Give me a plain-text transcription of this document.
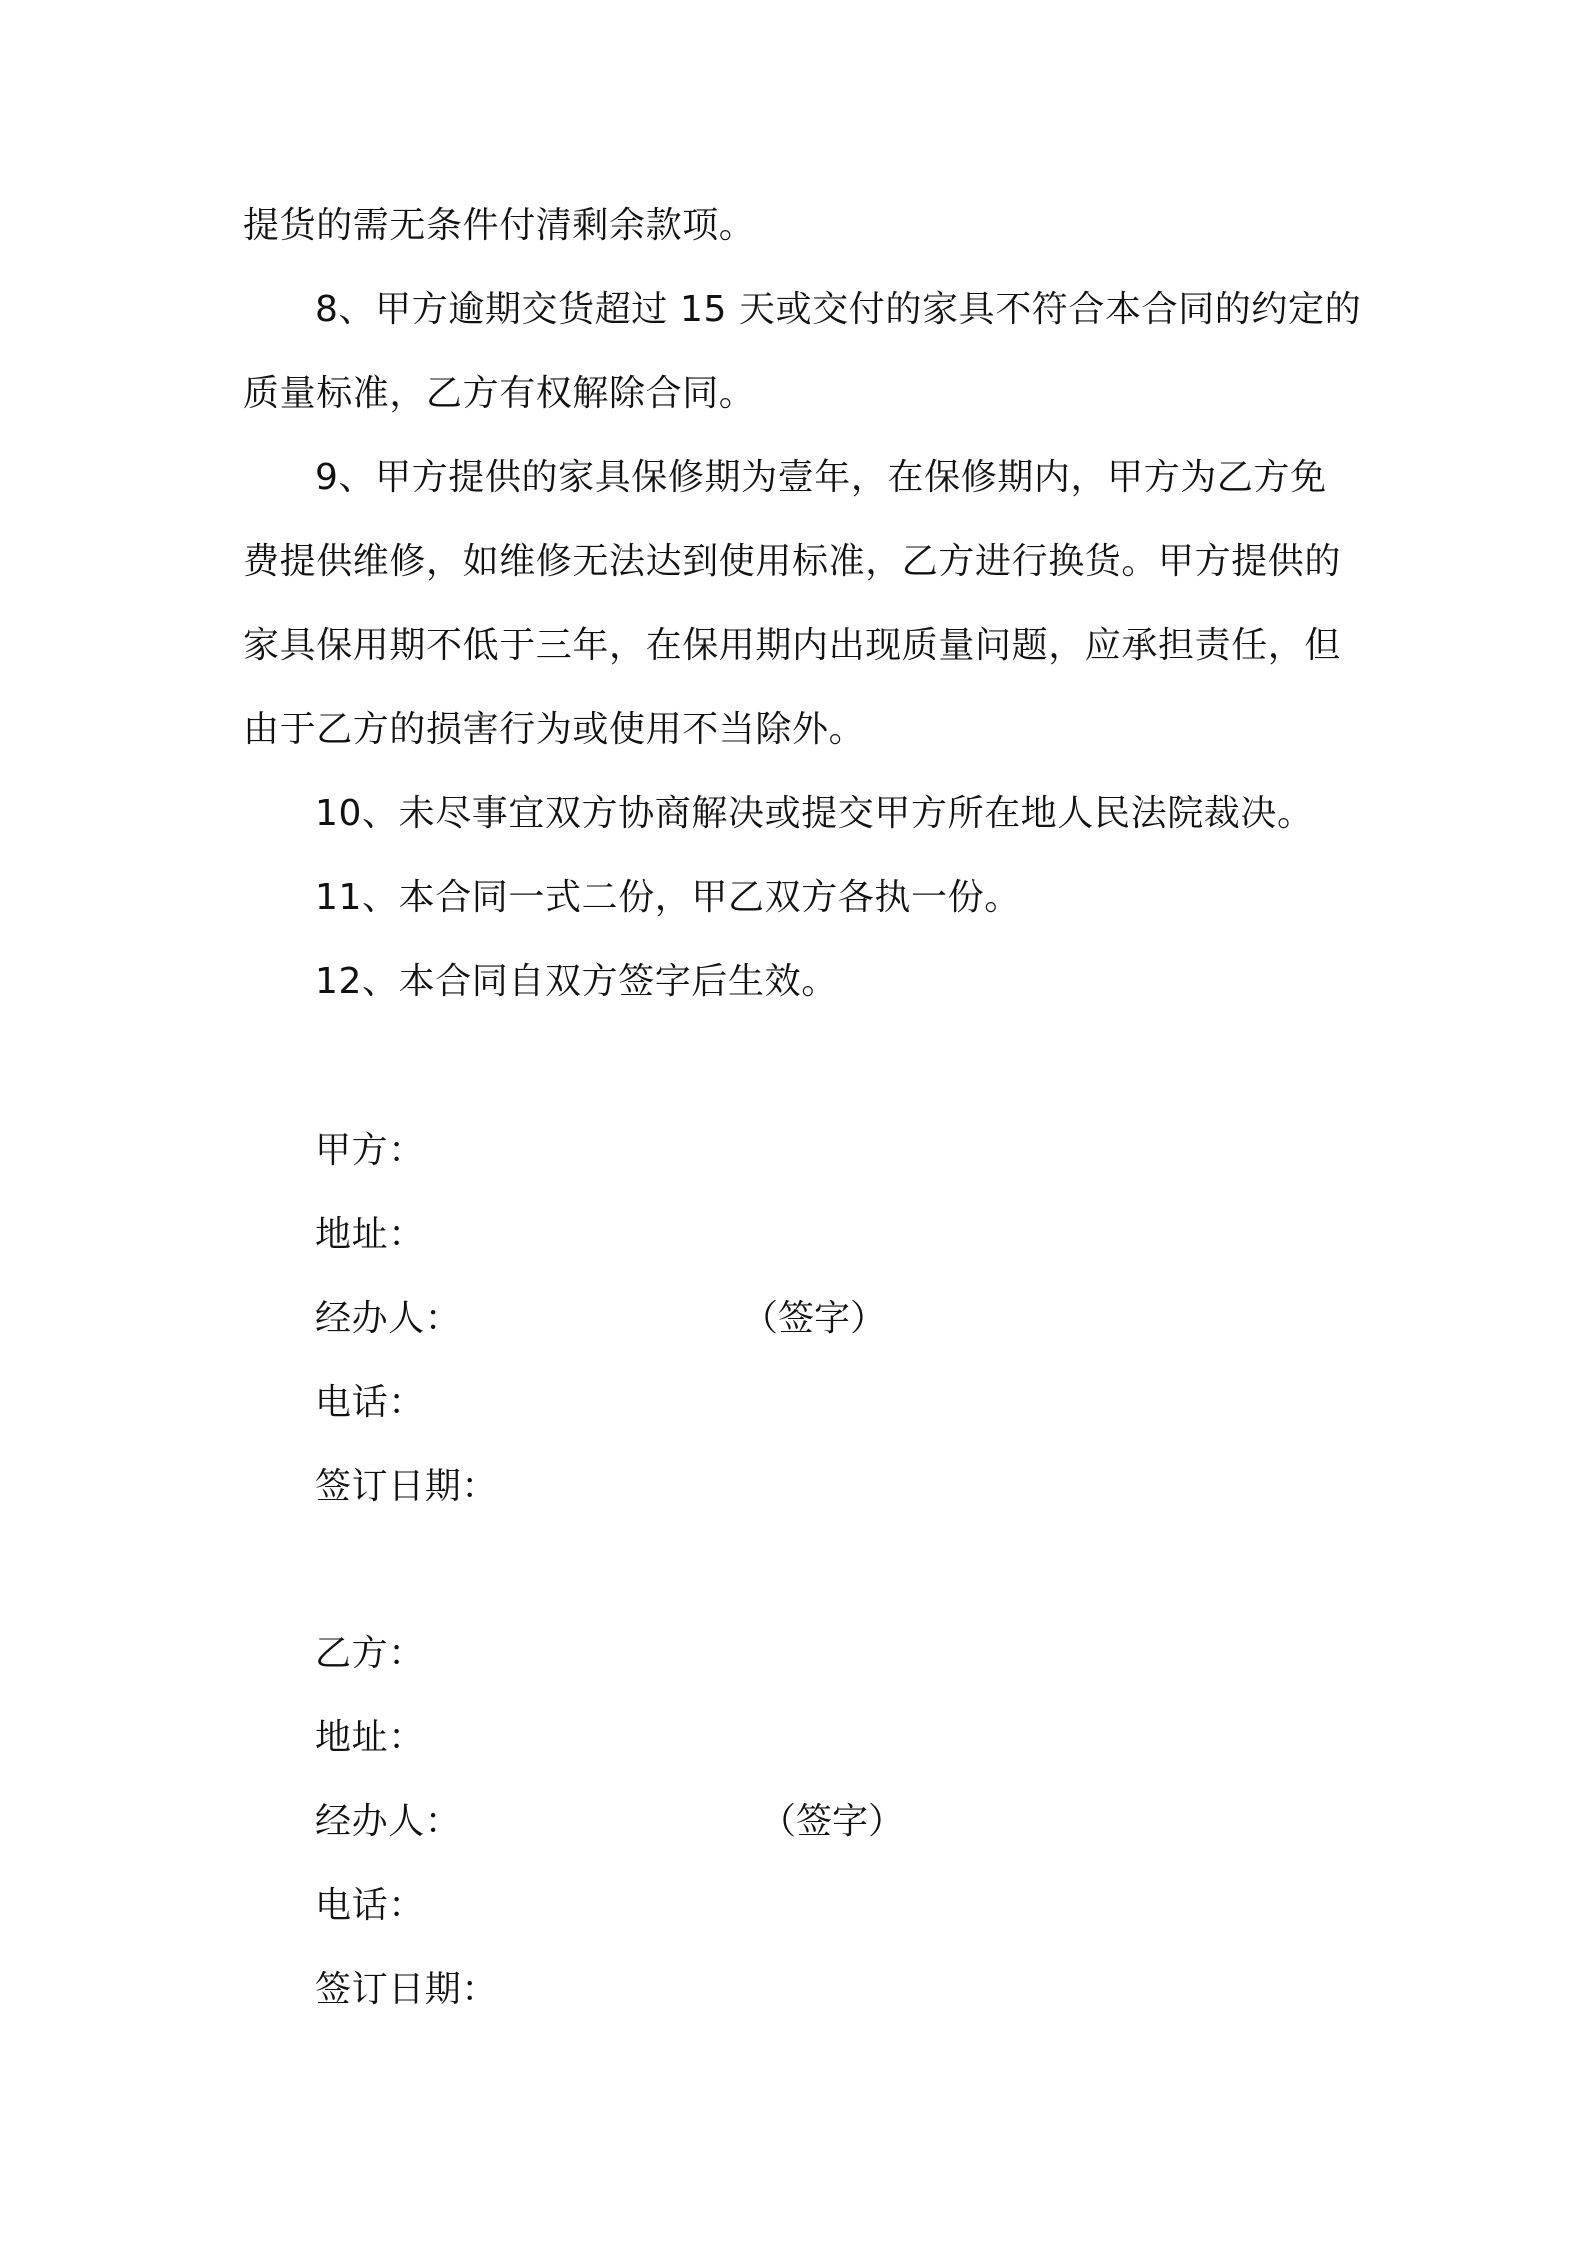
提货的需无条件付清剩余款项。
8、甲方逾期交货超过 15 天或交付的家具不符合本合同的约定的
质量标准，乙方有权解除合同。
9、甲方提供的家具保修期为壹年，在保修期内，甲方为乙方免
费提供维修，如维修无法达到使用标准，乙方进行换货。甲方提供的
家具保用期不低于三年，在保用期内出现质量问题，应承担责任，但
由于乙方的损害行为或使用不当除外。
10、未尽事宜双方协商解决或提交甲方所在地人民法院裁决。
11、本合同一式二份，甲乙双方各执一份。
12、本合同自双方签字后生效。
甲方：
地址：
经办人：	（签字）
电话：
签订日期：
乙方：
地址：
经办人：	（签字）
电话：
签订日期：
